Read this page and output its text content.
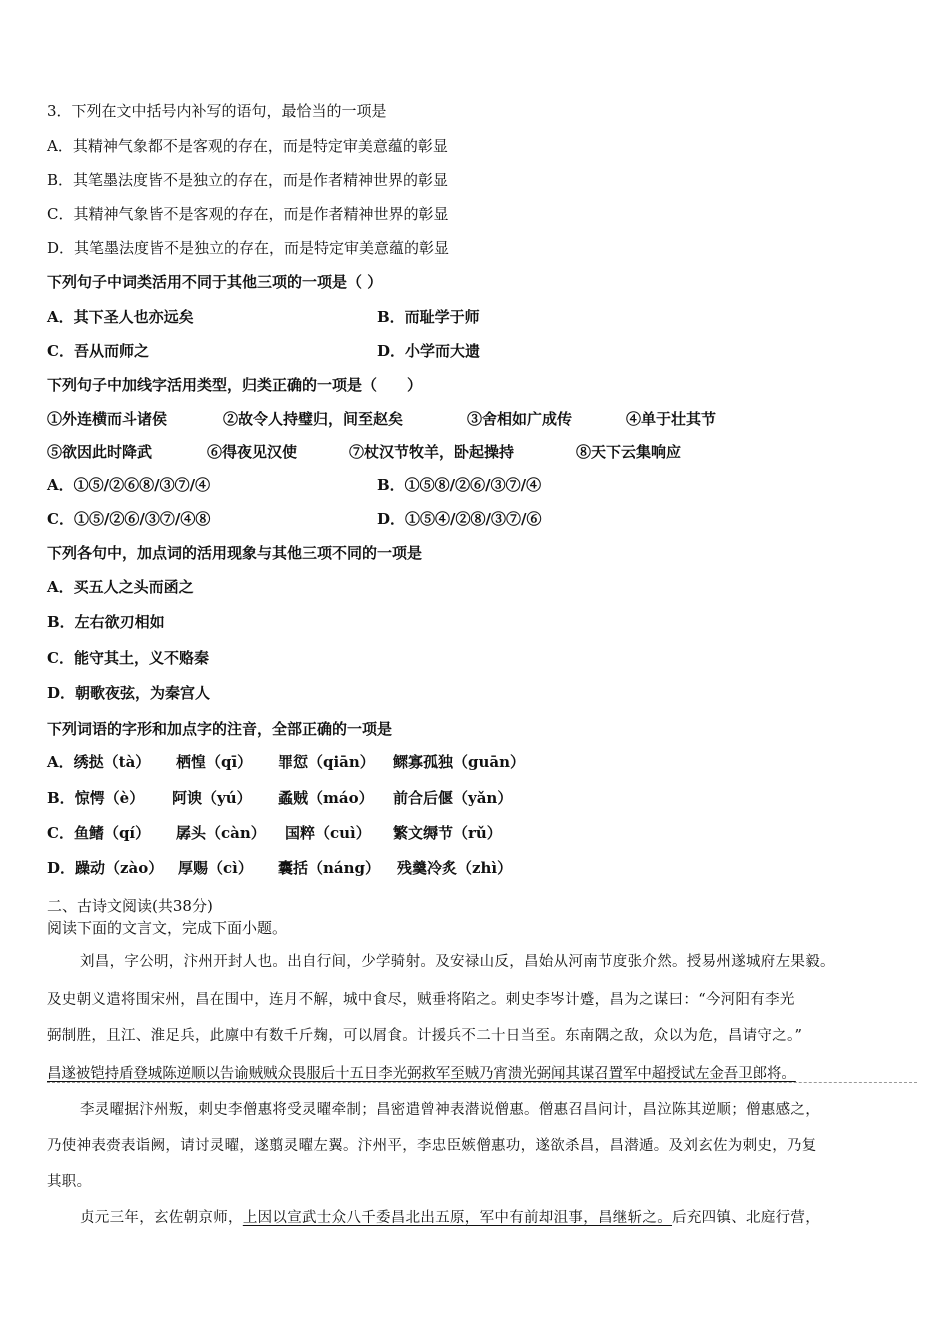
3．下列在文中括号内补写的语句，最恰当的一项是
A．其精神气象都不是客观的存在，而是特定审美意蕴的彰显
B．其笔墨法度皆不是独立的存在，而是作者精神世界的彰显
C．其精神气象皆不是客观的存在，而是作者精神世界的彰显
D．其笔墨法度皆不是独立的存在，而是特定审美意蕴的彰显
下列句子中词类活用不同于其他三项的一项是（ ）
A．其下圣人也亦远矣	B．而耻学于师
C．吾从而师之	D．小学而大遗
下列句子中加线字活用类型，归类正确的一项是（　　）
①外连横而斗诸侯	②故令人持璧归，间至赵矣	③舍相如广成传	④单于壮其节
⑤欲因此时降武	⑥得夜见汉使	⑦杖汉节牧羊，卧起操持	⑧天下云集响应
A．①⑤/②⑥⑧/③⑦/④	B．①⑤⑧/②⑥/③⑦/④
C．①⑤/②⑥/③⑦/④⑧	D．①⑤④/②⑧/③⑦/⑥
下列各句中，加点词的活用现象与其他三项不同的一项是
A．买五人之头而函之
B．左右欲刃相如
C．能守其土，义不赂秦
D．朝歌夜弦，为秦宫人
下列词语的字形和加点字的注音，全部正确的一项是
A．绣挞（tà） 栖惶（qī） 罪愆（qiān） 鳏寡孤独（guān）
B．惊愕（è） 阿谀（yú） 蟊贼（máo） 前合后偃（yǎn）
C．鱼鳍（qí） 孱头（càn） 国粹（cuì） 繁文缛节（rǔ）
D．躁动（zào） 厚赐（cì） 囊括（náng） 残羹冷炙（zhì）
二、古诗文阅读(共38分)
阅读下面的文言文，完成下面小题。
刘昌，字公明，汴州开封人也。出自行间，少学骑射。及安禄山反，昌始从河南节度张介然。授易州遂城府左果毅。
及史朝义遣将围宋州，昌在围中，连月不解，城中食尽，贼垂将陷之。刺史李岑计蹙，昌为之谋曰：“今河阳有李光
弼制胜，且江、淮足兵，此廪中有数千斤麹，可以屑食。计援兵不二十日当至。东南隅之敌，众以为危，昌请守之。”
昌遂被铠持盾登城陈逆顺以告谕贼贼众畏服后十五日李光弼救军至贼乃宵溃光弼闻其谋召置军中超授试左金吾卫郎将。
李灵曜据汴州叛，刺史李僧惠将受灵曜牵制；昌密遣曾神表潜说僧惠。僧惠召昌问计，昌泣陈其逆顺；僧惠感之，
乃使神表赍表诣阙，请讨灵曜，遂翦灵曜左翼。汴州平，李忠臣嫉僧惠功，遂欲杀昌，昌潜遁。及刘玄佐为刺史，乃复
其职。
贞元三年，玄佐朝京师，上因以宣武士众八千委昌北出五原，军中有前却沮事，昌继斩之。后充四镇、北庭行营，
